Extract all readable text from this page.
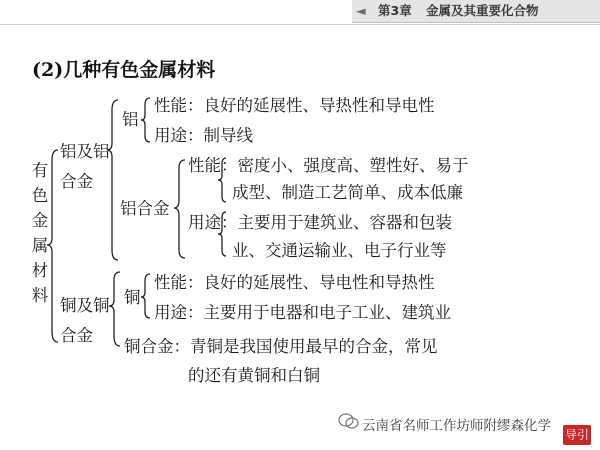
◄ 第3章 金属及其重要化合物
(2)几种有色金属材料
有
色
金
属
材
料
铝及铝
合金
铝
性能：良好的延展性、导热性和导电性
用途：制导线
铝合金
性能：密度小、强度高、塑性好、易于
成型、制造工艺简单、成本低廉
用途：主要用于建筑业、容器和包装
业、交通运输业、电子行业等
铜及铜
合金
铜
性能：良好的延展性、导电性和导热性
用途：主要用于电器和电子工业、建筑业
铜合金：青铜是我国使用最早的合金，常见
的还有黄铜和白铜
云南省名师工作坊师附缪森化学
导引
